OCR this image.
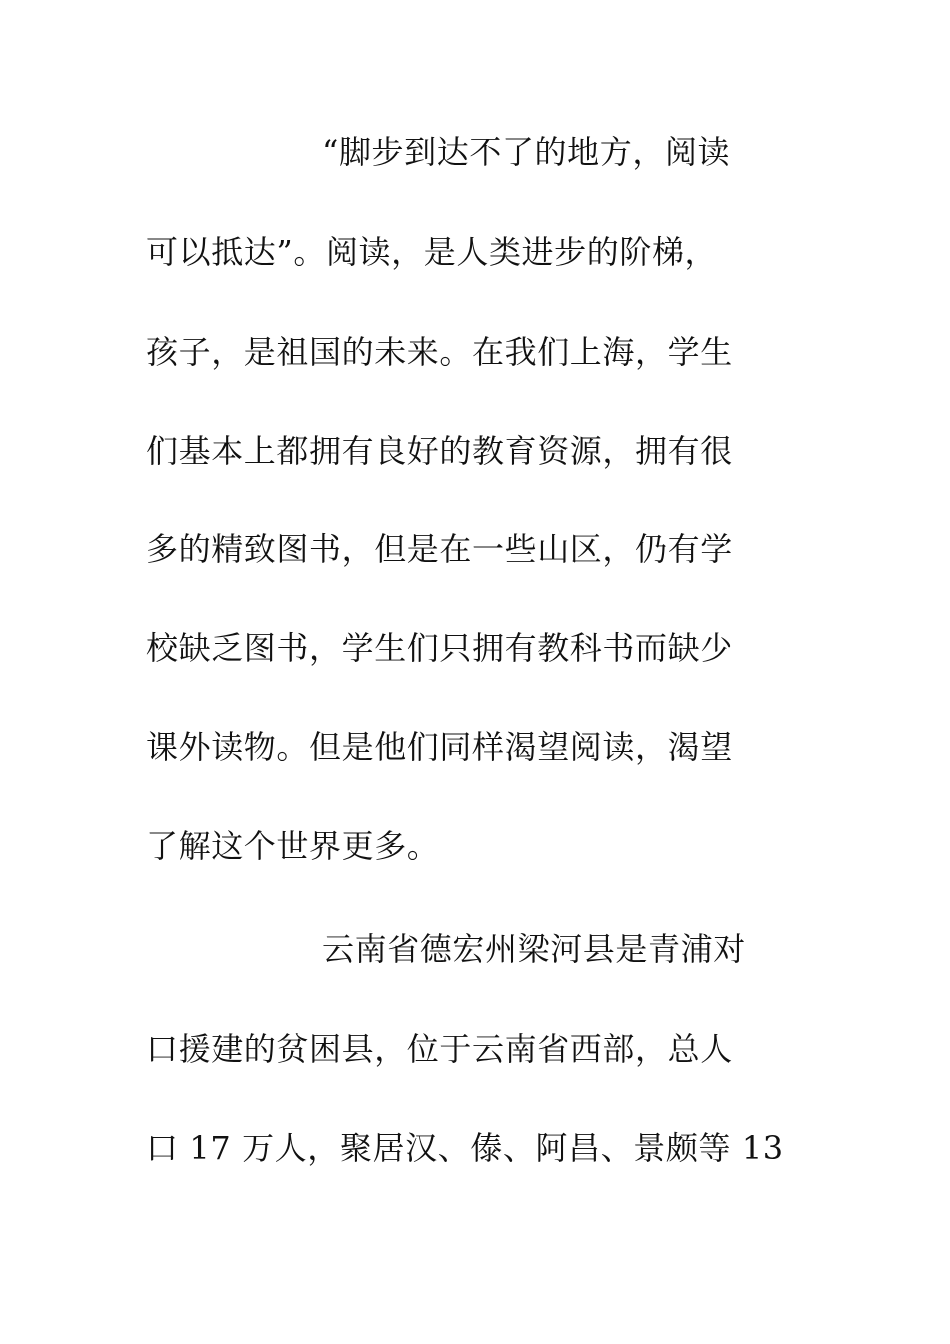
“脚步到达不了的地方，阅读
可以抵达”。阅读，是人类进步的阶梯，
孩子，是祖国的未来。在我们上海，学生
们基本上都拥有良好的教育资源，拥有很
多的精致图书，但是在一些山区，仍有学
校缺乏图书，学生们只拥有教科书而缺少
课外读物。但是他们同样渴望阅读，渴望
了解这个世界更多。
云南省德宏州梁河县是青浦对
口援建的贫困县，位于云南省西部，总人
口 17 万人，聚居汉、傣、阿昌、景颇等 13
